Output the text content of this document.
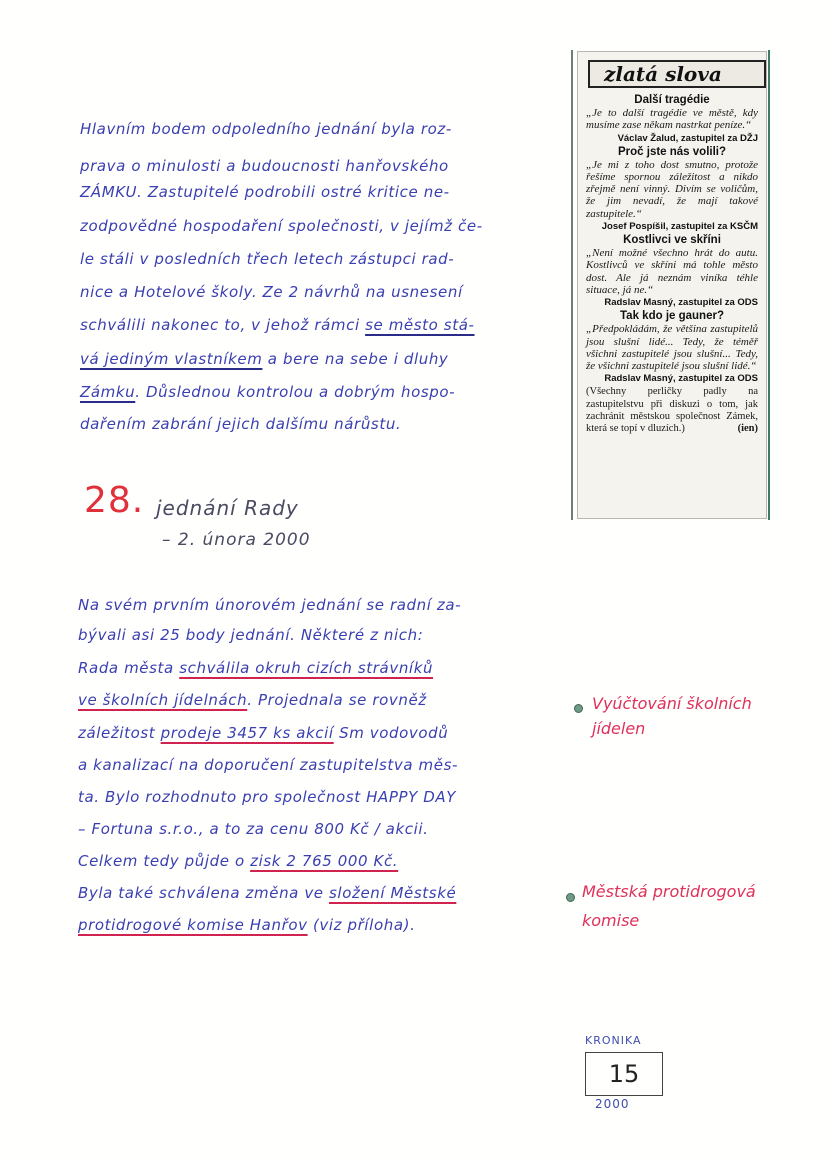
Hlavním bodem odpoledního jednání byla roz-
prava o minulosti a budoucnosti hanřovského
ZÁMKU. Zastupitelé podrobili ostré kritice ne-
zodpovědné hospodaření společnosti, v jejímž če-
le stáli v posledních třech letech zástupci rad-
nice a Hotelové školy. Ze 2 návrhů na usnesení
schválili nakonec to, v jehož rámci se město stá-
vá jediným vlastníkem a bere na sebe i dluhy
Zámku. Důslednou kontrolou a dobrým hospo-
dařením zabrání jejich dalšímu nárůstu.
28. jednání Rady
– 2. února 2000
Na svém prvním únorovém jednání se radní za-
bývali asi 25 body jednání. Některé z nich:
Rada města schválila okruh cizích strávníků
ve školních jídelnách. Projednala se rovněž
záležitost prodeje 3457 ks akcií Sm vodovodů
a kanalizací na doporučení zastupitelstva měs-
ta. Bylo rozhodnuto pro společnost HAPPY DAY
– Fortuna s.r.o., a to za cenu 800 Kč / akcii.
Celkem tedy půjde o zisk 2 765 000 Kč.
Byla také schválena změna ve složení Městské
protidrogové komise Hanřov (viz příloha).
Vyúčtování školních
jídelen
Městská protidrogová
komise
zlatá slova
Další tragédie

„Je to další tragédie ve městě, kdy musíme zase někam nastrkat peníze.“

Václav Žalud, zastupitel za DŽJ
Proč jste nás volili?

„Je mi z toho dost smutno, protože řešíme spornou záležitost a nikdo zřejmě není vinný. Divím se voličům, že jim nevadí, že mají takové zastupitele.“

Josef Pospíšil, zastupitel za KSČM
Kostlivci ve skříni

„Není možné všechno hrát do autu. Kostlivců ve skříni má tohle město dost. Ale já neznám viníka téhle situace, já ne.“

Radslav Masný, zastupitel za ODS
Tak kdo je gauner?

„Předpokládám, že většina zastupitelů jsou slušní lidé... Tedy, že téměř všichni zastupitelé jsou slušní... Tedy, že všichni zastupitelé jsou slušní lidé.“

Radslav Masný, zastupitel za ODS

(Všechny perličky padly na zastupitelstvu při diskuzi o tom, jak zachránit městskou společnost Zámek, která se topí v dluzích.)	(ien)

KRONIKA
15
2000
